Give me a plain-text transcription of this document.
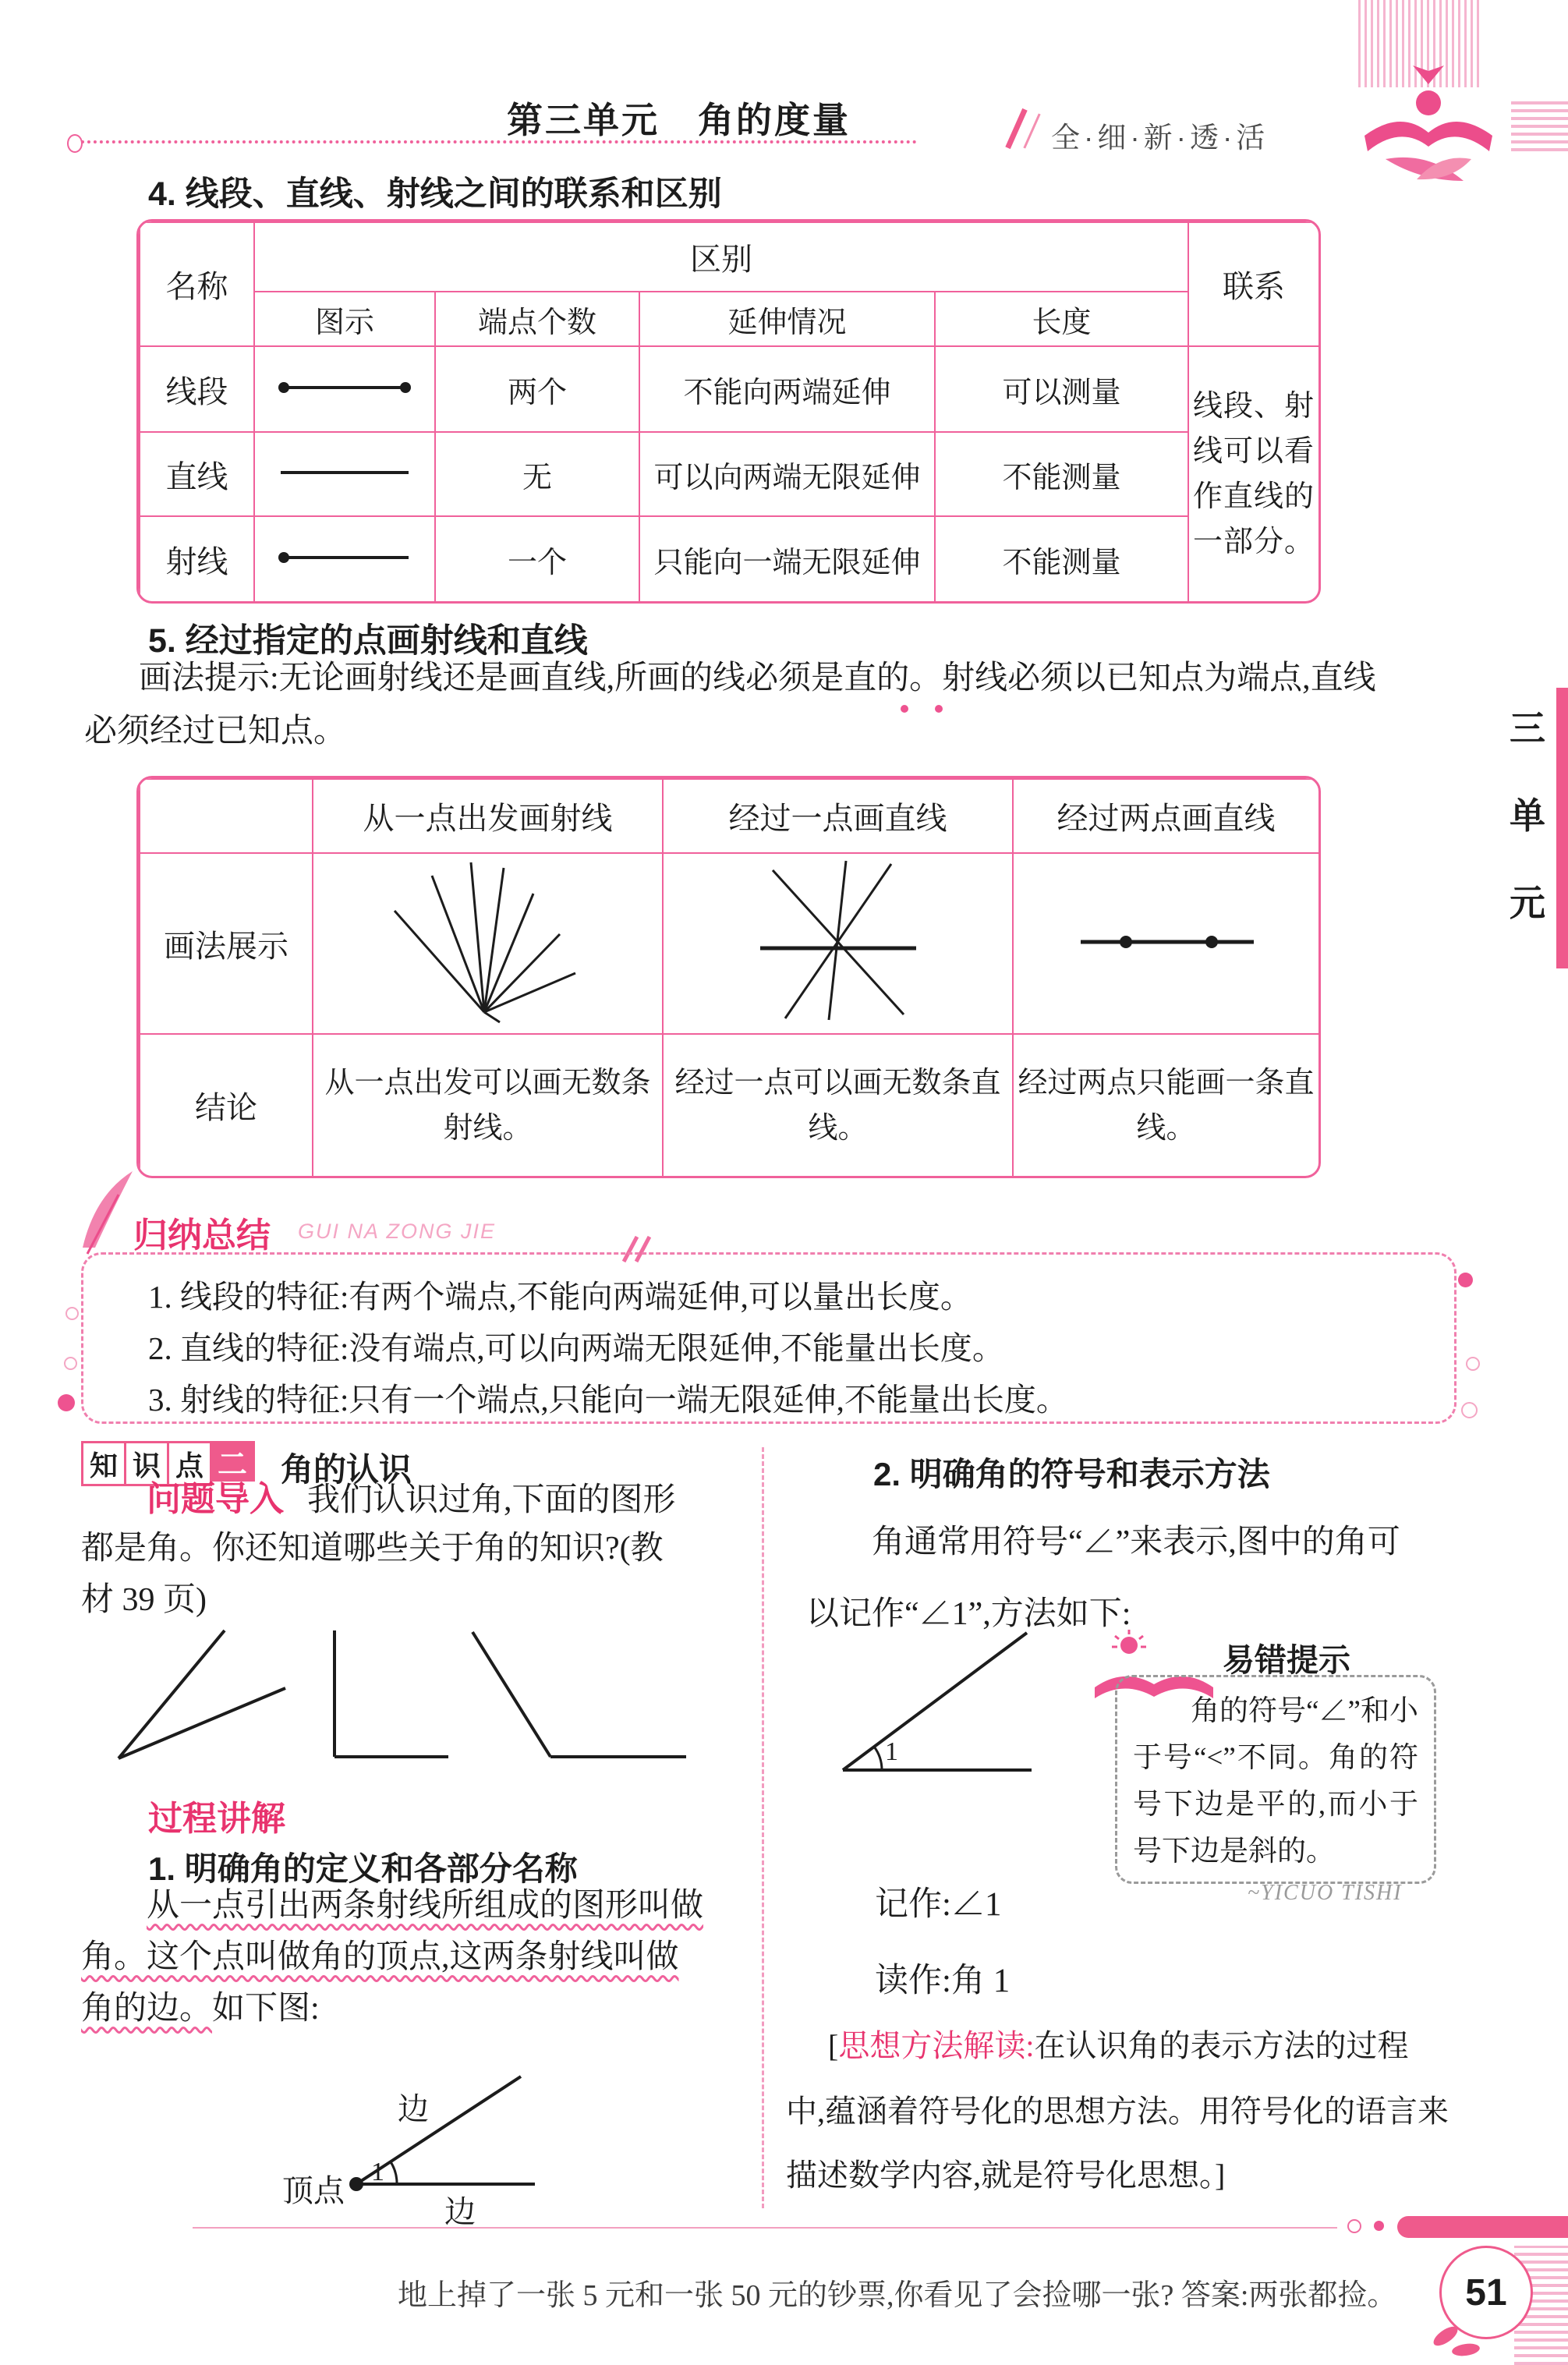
第三单元　角的度量	全·细·新·透·活
4. 线段、直线、射线之间的联系和区别
名称	区别				联系
	图示	端点个数	延伸情况	长度	
线段		两个	不能向两端延伸	可以测量	线段、射线可以看作直线的一部分。
直线		无	可以向两端无限延伸	不能测量	
射线		一个	只能向一端无限延伸	不能测量	
5. 经过指定的点画射线和直线
画法提示:无论画射线还是画直线,所画的线必须是直的。射线必须以已知点为端点,直线
必须经过已知点。
	从一点出发画射线	经过一点画直线	经过两点画直线
画法展示			
结论	从一点出发可以画无数条射线。	经过一点可以画无数条直线。	经过两点只能画一条直线。
归纳总结 GUI NA ZONG JIE
1. 线段的特征:有两个端点,不能向两端延伸,可以量出长度。
2. 直线的特征:没有端点,可以向两端无限延伸,不能量出长度。
3. 射线的特征:只有一个端点,只能向一端无限延伸,不能量出长度。
知 识 点 二 角的认识
问题导入 我们认识过角,下面的图形
都是角。你还知道哪些关于角的知识?(教
材 39 页)
过程讲解
1. 明确角的定义和各部分名称
从一点引出两条射线所组成的图形叫做
角。这个点叫做角的顶点,这两条射线叫做
角的边。如下图:
顶点
边
边
1
2. 明确角的符号和表示方法
角通常用符号“∠”来表示,图中的角可
以记作“∠1”,方法如下:
1
易错提示
角的符号“∠”和小于号“<”不同。角的符号下边是平的,而小于号下边是斜的。
~YICUO TISHI
记作:∠1
读作:角 1
[思想方法解读:在认识角的表示方法的过程
中,蕴涵着符号化的思想方法。用符号化的语言来
描述数学内容,就是符号化思想。]
三
单
元
地上掉了一张 5 元和一张 50 元的钞票,你看见了会捡哪一张? 答案:两张都捡。	51
